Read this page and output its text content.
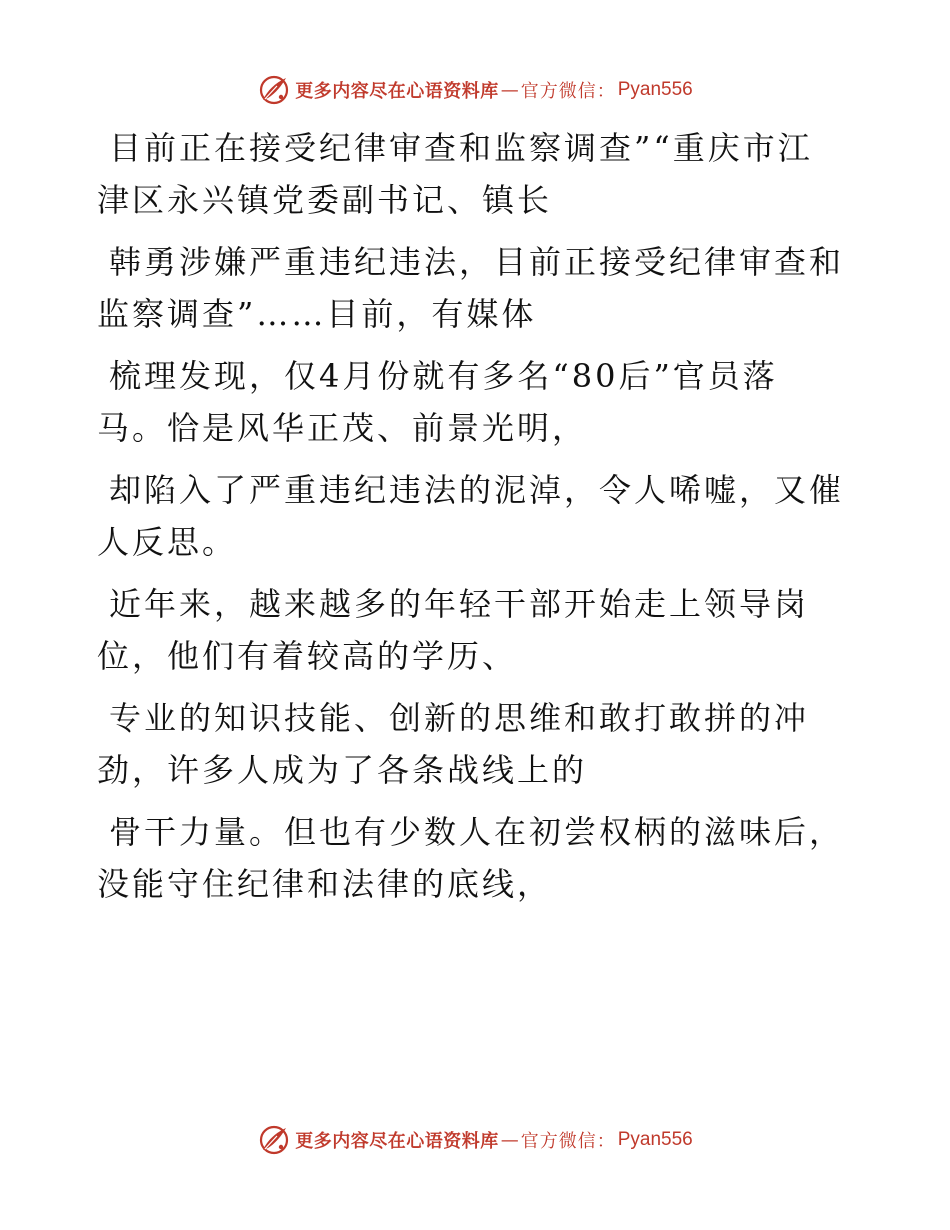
更多内容尽在心语资料库 — 官方微信： Pyan556

目前正在接受纪律审查和监察调查”“重庆市江
津区永兴镇党委副书记、镇长

韩勇涉嫌严重违纪违法，目前正接受纪律审查和
监察调查”……目前，有媒体

梳理发现，仅4月份就有多名“80后”官员落
马。恰是风华正茂、前景光明，

却陷入了严重违纪违法的泥淖，令人唏嘘，又催
人反思。

近年来，越来越多的年轻干部开始走上领导岗
位，他们有着较高的学历、

专业的知识技能、创新的思维和敢打敢拼的冲
劲，许多人成为了各条战线上的

骨干力量。但也有少数人在初尝权柄的滋味后，
没能守住纪律和法律的底线，

更多内容尽在心语资料库 — 官方微信： Pyan556
